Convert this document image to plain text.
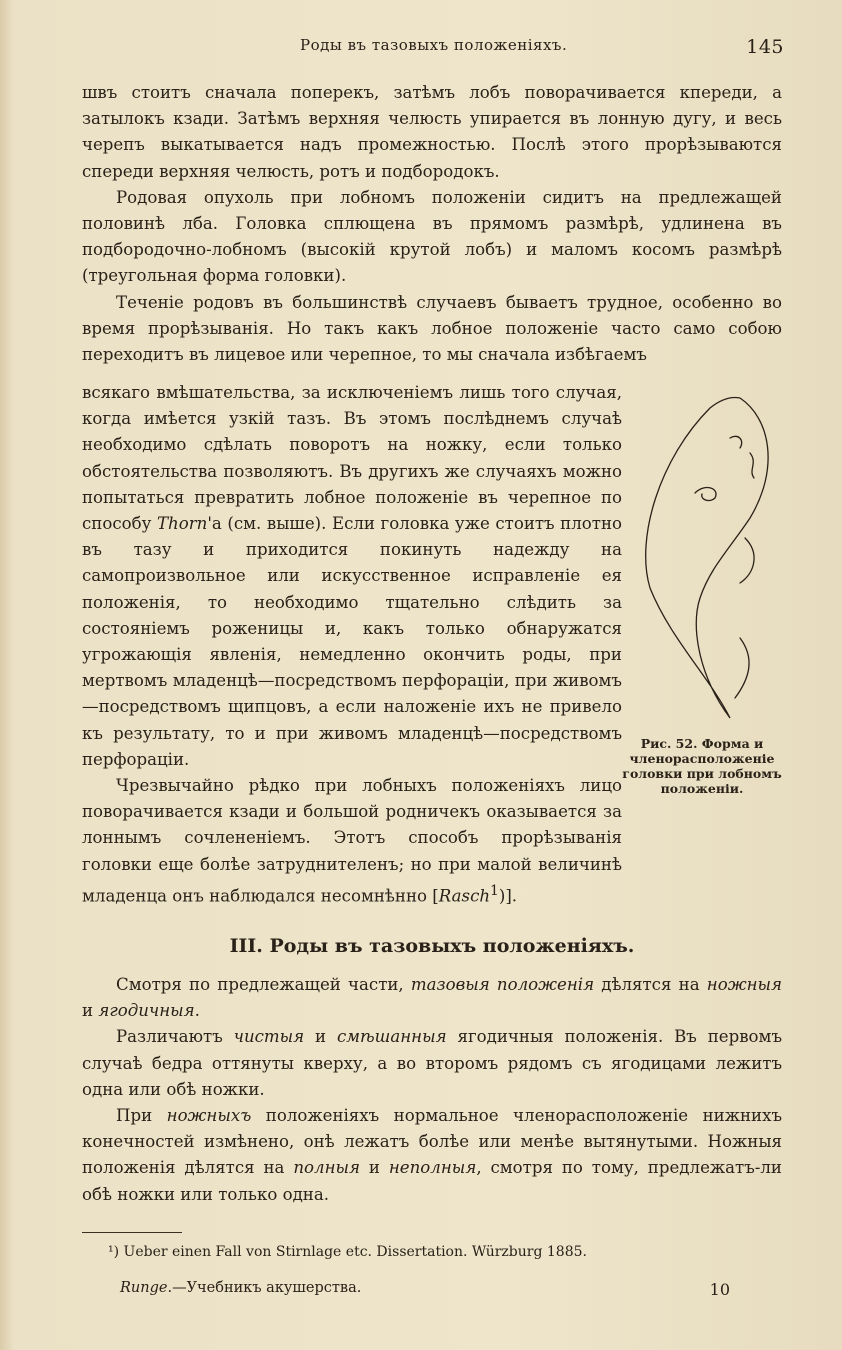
Роды въ тазовыхъ положеніяхъ.	145

швъ стоитъ сначала поперекъ, затѣмъ лобъ поворачивается кпереди, а затылокъ кзади. Затѣмъ верхняя челюсть упирается въ лонную дугу, и весь черепъ выкатывается надъ промежностью. Послѣ этого прорѣзываются спереди верхняя челюсть, ротъ и подбородокъ.

Родовая опухоль при лобномъ положеніи сидитъ на предлежащей половинѣ лба. Головка сплющена въ прямомъ размѣрѣ, удлинена въ подбородочно-лобномъ (высокій крутой лобъ) и маломъ косомъ размѣрѣ (треугольная форма головки).

Теченіе родовъ въ большинствѣ случаевъ бываетъ трудное, особенно во время прорѣзыванія. Но такъ какъ лобное положеніе часто само собою переходитъ въ лицевое или черепное, то мы сначала избѣгаемъ

всякаго вмѣшательства, за исключеніемъ лишь того случая, когда имѣется узкій тазъ. Въ этомъ послѣднемъ случаѣ необходимо сдѣлать поворотъ на ножку, если только обстоятельства позволяютъ. Въ другихъ же случаяхъ можно попытаться превратить лобное положеніе въ черепное по способу Thorn'а (см. выше). Если головка уже стоитъ плотно въ тазу и приходится покинуть надежду на самопроизвольное или искусственное исправленіе ея положенія, то необходимо тщательно слѣдить за состояніемъ роженицы и, какъ только обнаружатся угрожающія явленія, немедленно окончить роды, при мертвомъ младенцѣ—посредствомъ перфораціи, при живомъ—посредствомъ щипцовъ, а если наложеніе ихъ не привело къ результату, то и при живомъ младенцѣ—посредствомъ перфораціи.

Чрезвычайно рѣдко при лобныхъ положеніяхъ лицо поворачивается кзади и большой родничекъ оказывается за лоннымъ сочлененіемъ. Этотъ способъ прорѣзыванія головки еще болѣе затруднителенъ; но при малой величинѣ младенца онъ наблюдался несомнѣнно [Rasch$^1$)].

Рис. 52. Форма и членорасположеніе головки при лобномъ положеніи.
III. Роды въ тазовыхъ положеніяхъ.

Смотря по предлежащей части, тазовыя положенія дѣлятся на ножныя и ягодичныя.

Различаютъ чистыя и смѣшанныя ягодичныя положенія. Въ первомъ случаѣ бедра оттянуты кверху, а во второмъ рядомъ съ ягодицами лежитъ одна или обѣ ножки.

При ножныхъ положеніяхъ нормальное членорасположеніе нижнихъ конечностей измѣнено, онѣ лежатъ болѣе или менѣе вытянутыми. Ножныя положенія дѣлятся на полныя и неполныя, смотря по тому, предлежатъ-ли обѣ ножки или только одна.

¹) Ueber einen Fall von Stirnlage etc. Dissertation. Würzburg 1885.
Runge.—Учебникъ акушерства.	10
